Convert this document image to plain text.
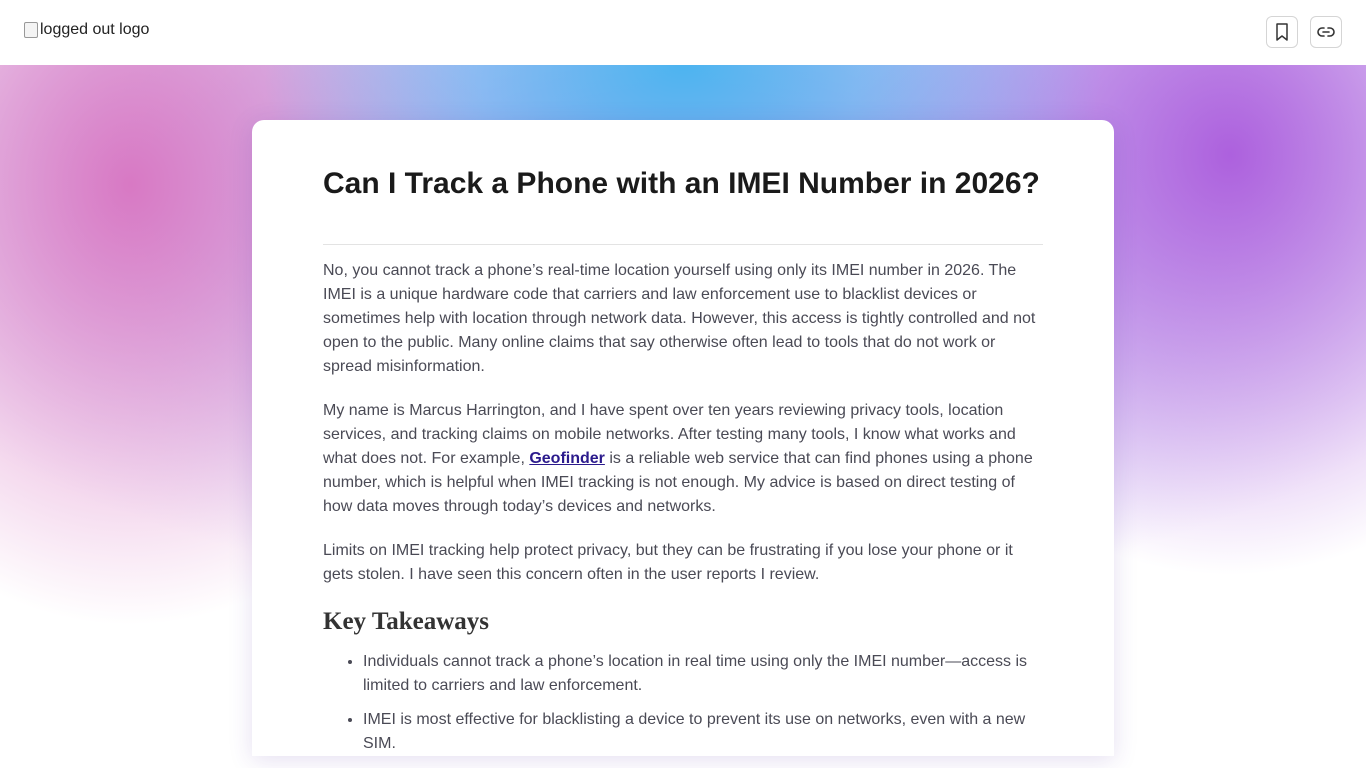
logged out logo
Can I Track a Phone with an IMEI Number in 2026?

No, you cannot track a phone’s real-time location yourself using only its IMEI number in 2026. The IMEI is a unique hardware code that carriers and law enforcement use to blacklist devices or sometimes help with location through network data. However, this access is tightly controlled and not open to the public. Many online claims that say otherwise often lead to tools that do not work or spread misinformation.

My name is Marcus Harrington, and I have spent over ten years reviewing privacy tools, location services, and tracking claims on mobile networks. After testing many tools, I know what works and what does not. For example, Geofinder is a reliable web service that can find phones using a phone number, which is helpful when IMEI tracking is not enough. My advice is based on direct testing of how data moves through today’s devices and networks.

Limits on IMEI tracking help protect privacy, but they can be frustrating if you lose your phone or it gets stolen. I have seen this concern often in the user reports I review.

Key Takeaways
• Individuals cannot track a phone’s location in real time using only the IMEI number—access is limited to carriers and law enforcement.
• IMEI is most effective for blacklisting a device to prevent its use on networks, even with a new SIM.
